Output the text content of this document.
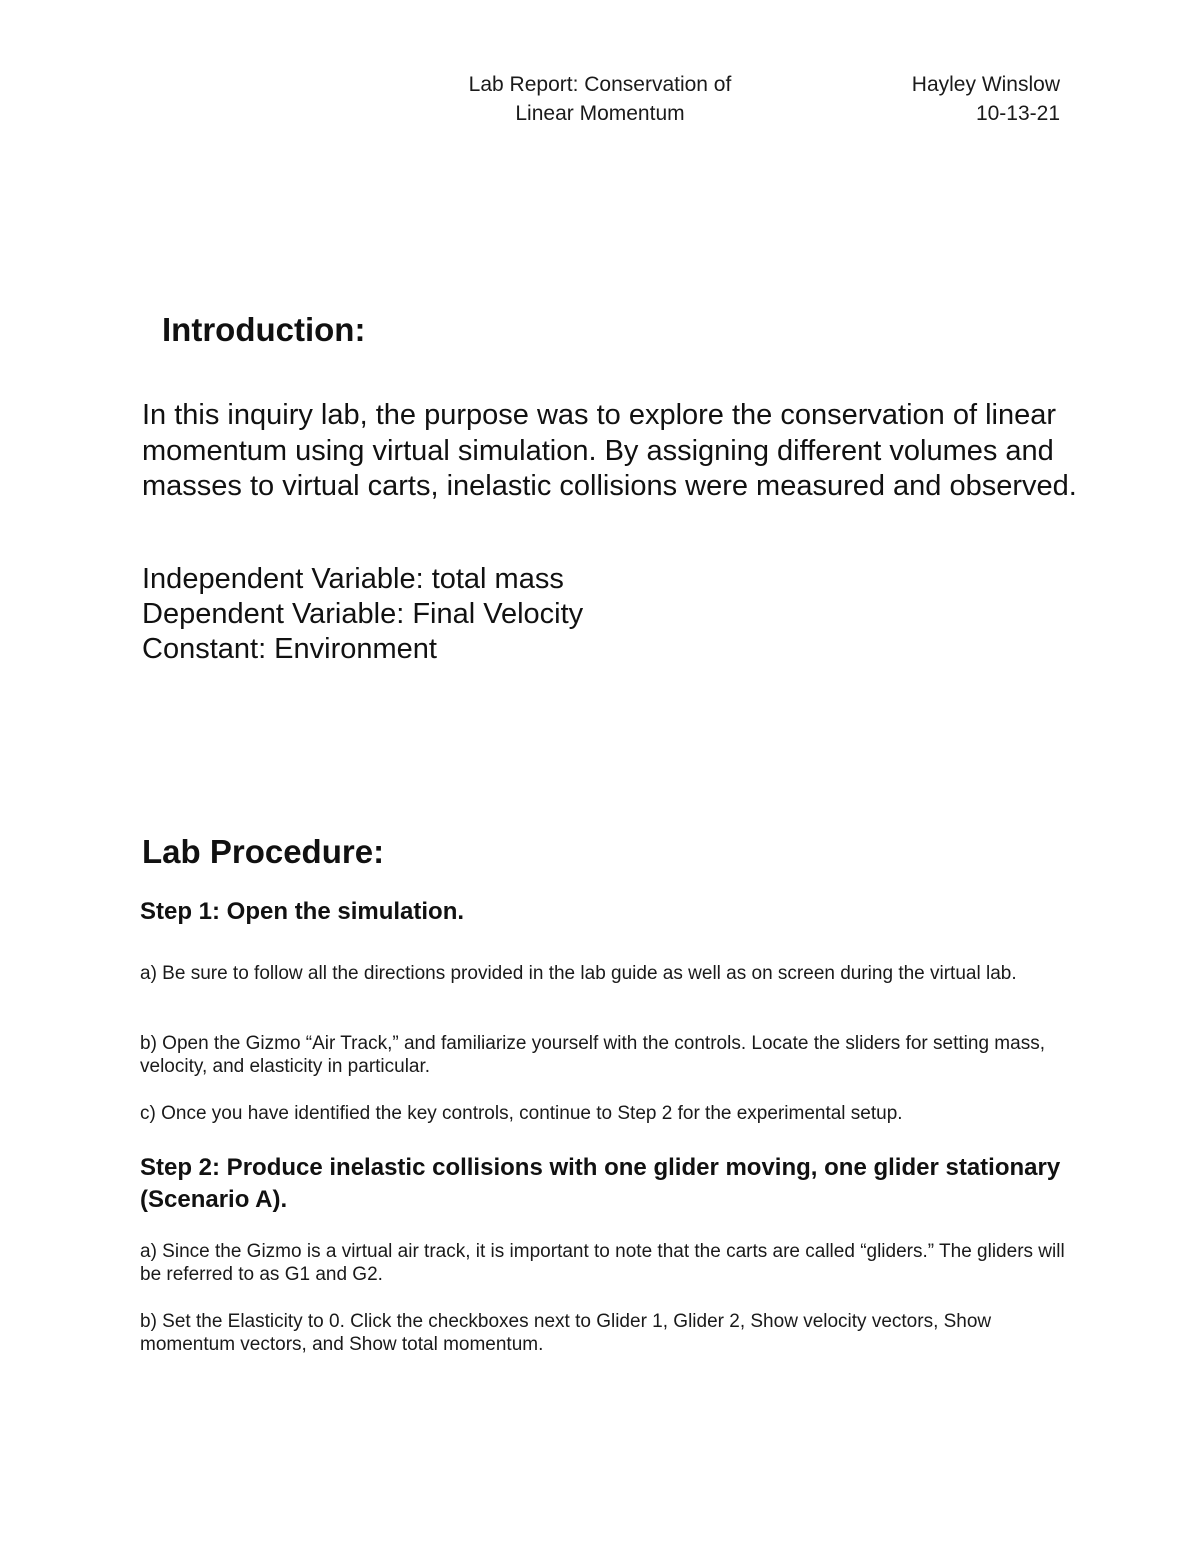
Lab Report: Conservation of
Linear Momentum
Hayley Winslow
10-13-21
Introduction:

In this inquiry lab, the purpose was to explore the conservation of linear momentum using virtual simulation. By assigning different volumes and masses to virtual carts, inelastic collisions were measured and observed.

Independent Variable: total mass
Dependent Variable: Final Velocity
Constant: Environment
Lab Procedure:
Step 1: Open the simulation.

a) Be sure to follow all the directions provided in the lab guide as well as on screen during the virtual lab.

b) Open the Gizmo “Air Track,” and familiarize yourself with the controls. Locate the sliders for setting mass, velocity, and elasticity in particular.

c) Once you have identified the key controls, continue to Step 2 for the experimental setup.

Step 2: Produce inelastic collisions with one glider moving, one glider stationary (Scenario A).

a) Since the Gizmo is a virtual air track, it is important to note that the carts are called “gliders.” The gliders will be referred to as G1 and G2.

b) Set the Elasticity to 0. Click the checkboxes next to Glider 1, Glider 2, Show velocity vectors, Show momentum vectors, and Show total momentum.
